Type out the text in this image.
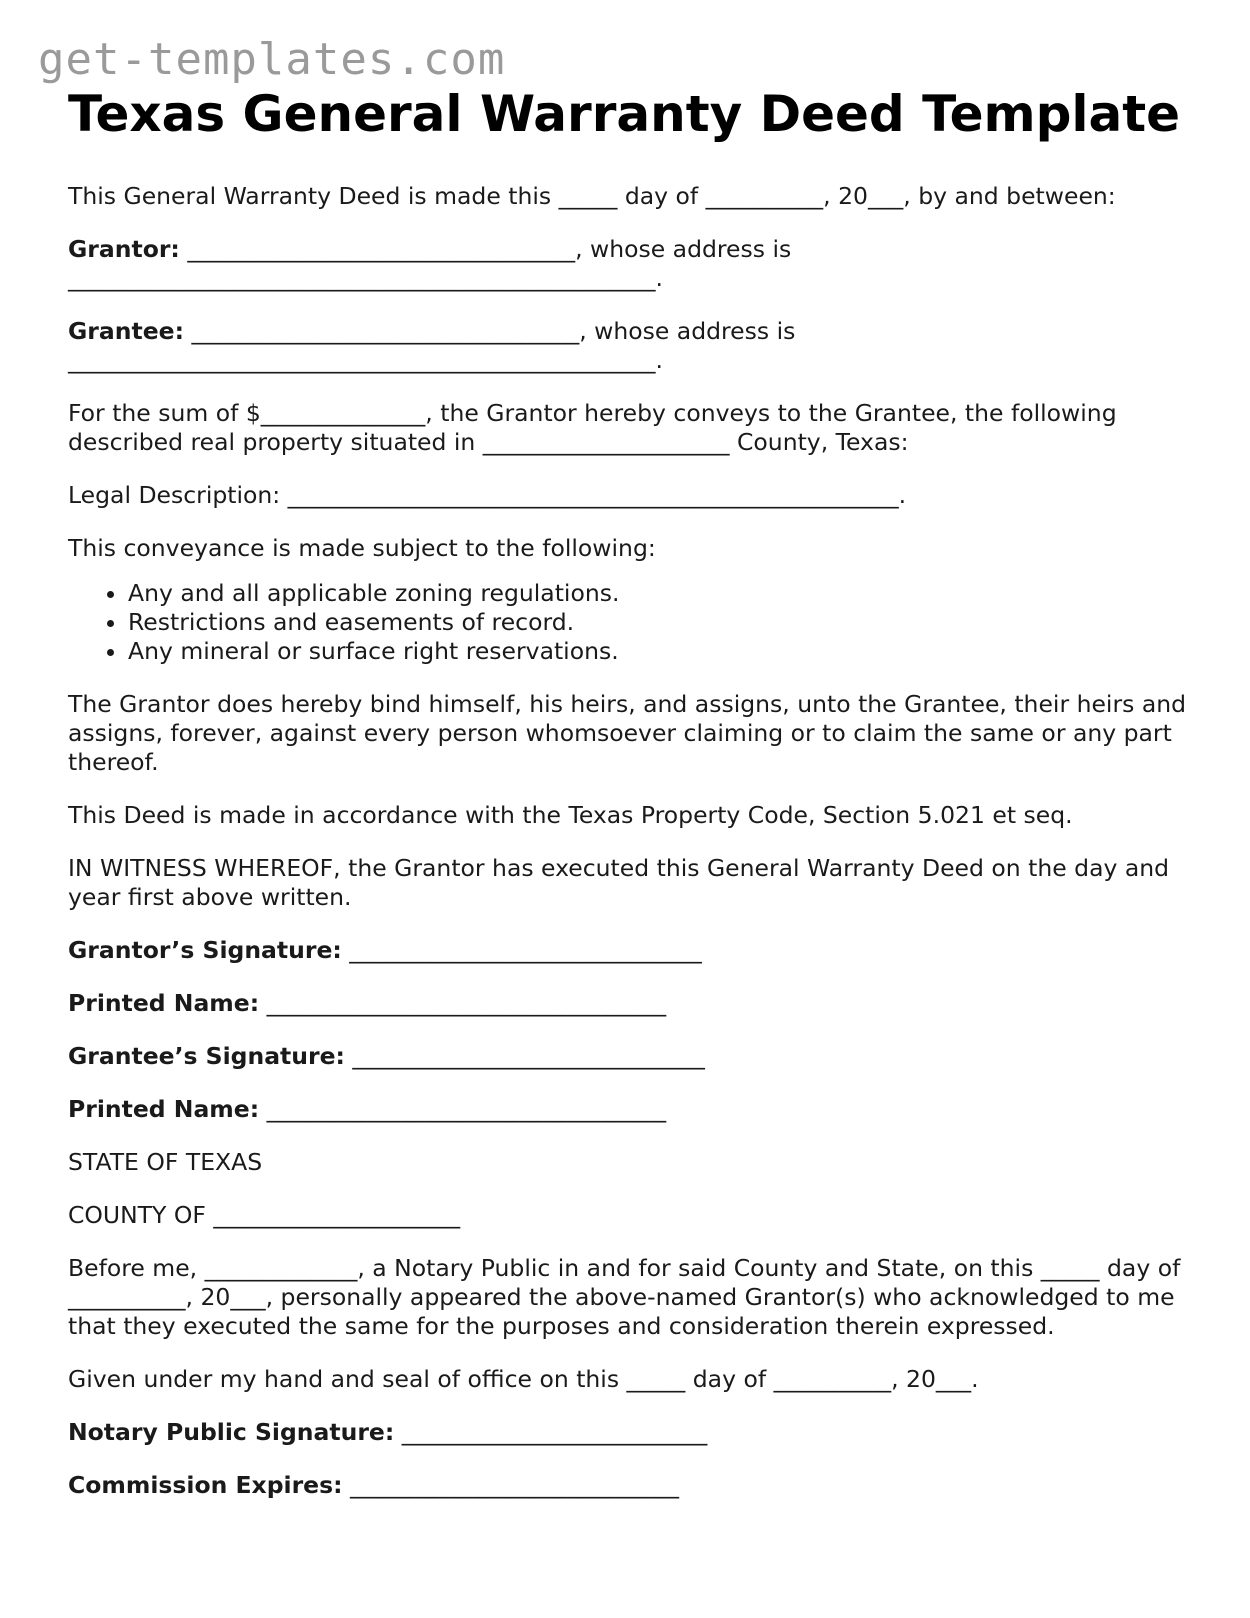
get-templates.com
Texas General Warranty Deed Template

This General Warranty Deed is made this _____ day of __________, 20___, by and between:

Grantor: _________________________________, whose address is __________________________________________________.

Grantee: _________________________________, whose address is __________________________________________________.

For the sum of $______________, the Grantor hereby conveys to the Grantee, the following described real property situated in _____________________ County, Texas:

Legal Description: ____________________________________________________.

This conveyance is made subject to the following:

• Any and all applicable zoning regulations.
• Restrictions and easements of record.
• Any mineral or surface right reservations.

The Grantor does hereby bind himself, his heirs, and assigns, unto the Grantee, their heirs and assigns, forever, against every person whomsoever claiming or to claim the same or any part thereof.

This Deed is made in accordance with the Texas Property Code, Section 5.021 et seq.

IN WITNESS WHEREOF, the Grantor has executed this General Warranty Deed on the day and year first above written.

Grantor’s Signature: ______________________________

Printed Name: __________________________________

Grantee’s Signature: ______________________________

Printed Name: __________________________________

STATE OF TEXAS

COUNTY OF _____________________

Before me, _____________, a Notary Public in and for said County and State, on this _____ day of __________, 20___, personally appeared the above-named Grantor(s) who acknowledged to me that they executed the same for the purposes and consideration therein expressed.

Given under my hand and seal of office on this _____ day of __________, 20___.

Notary Public Signature: __________________________

Commission Expires: ____________________________
